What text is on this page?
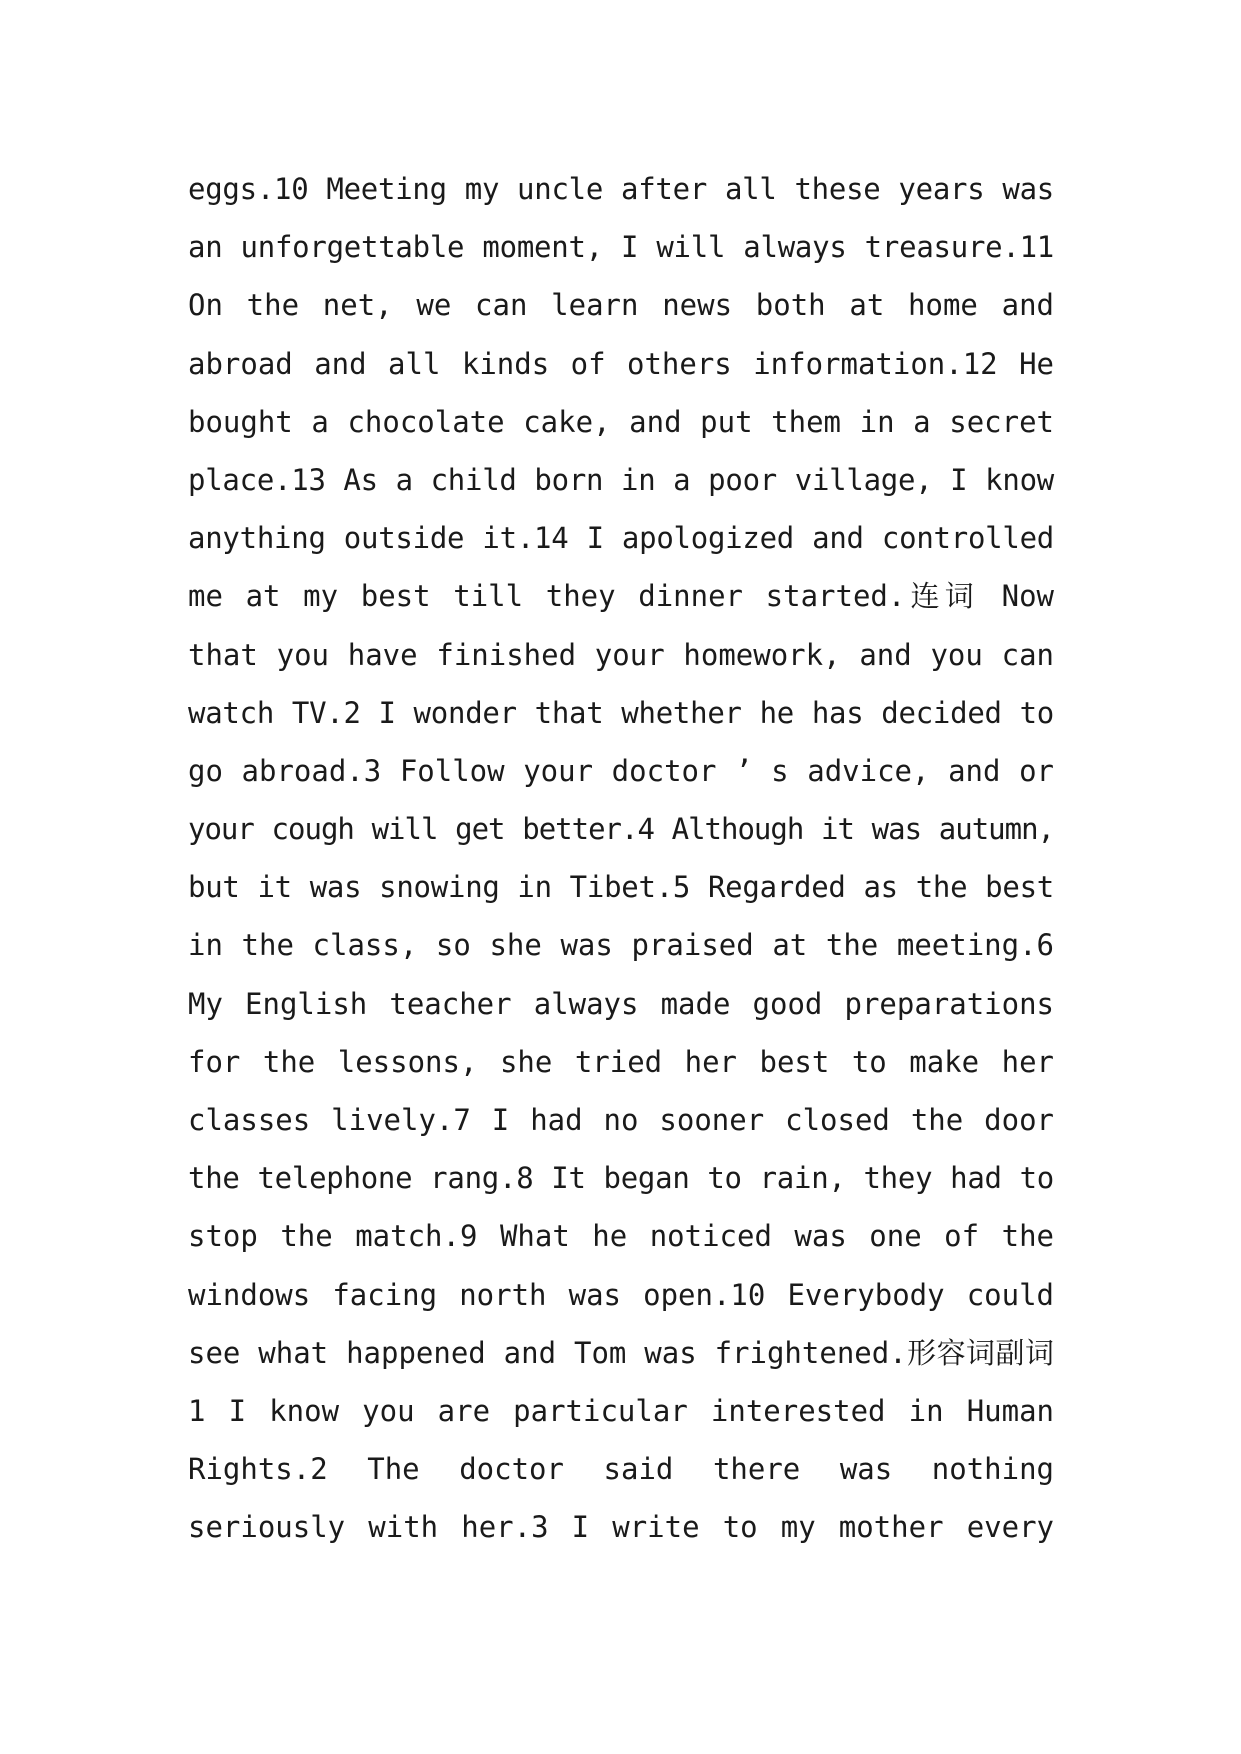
eggs.10 Meeting my uncle after all these years was
an unforgettable moment, I will always treasure.11
On the net, we can learn news both at home and
abroad and all kinds of others information.12 He
bought a chocolate cake, and put them in a secret
place.13 As a child born in a poor village, I know
anything outside it.14 I apologized and controlled
me at my best till they dinner started.连词 Now
that you have finished your homework, and you can
watch TV.2 I wonder that whether he has decided to
go abroad.3 Follow your doctor ’ s advice, and or
your cough will get better.4 Although it was autumn,
but it was snowing in Tibet.5 Regarded as the best
in the class, so she was praised at the meeting.6
My English teacher always made good preparations
for the lessons, she tried her best to make her
classes lively.7 I had no sooner closed the door
the telephone rang.8 It began to rain, they had to
stop the match.9 What he noticed was one of the
windows facing north was open.10 Everybody could
see what happened and Tom was frightened.形容词副词
1 I know you are particular interested in Human
Rights.2 The doctor said there was nothing
seriously with her.3 I write to my mother every
